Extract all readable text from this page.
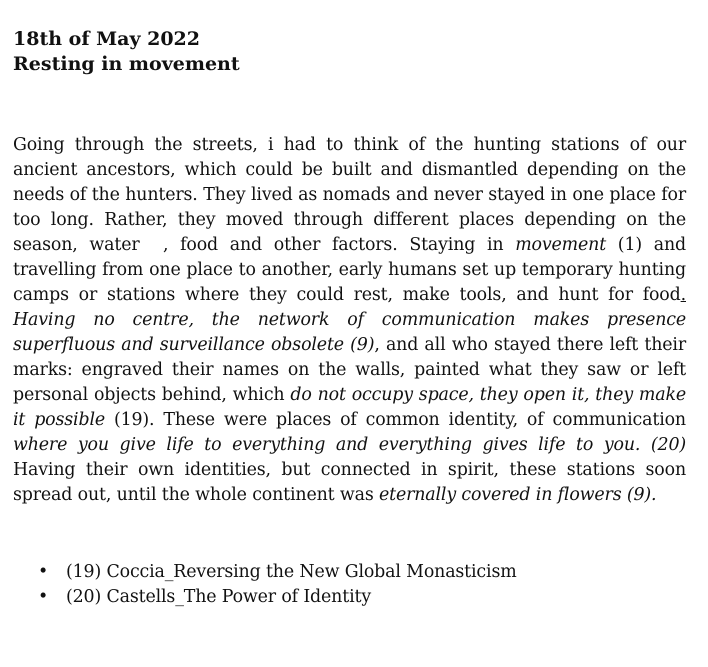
18th of May 2022

Resting in movement

Going through the streets, i had to think of the hunting stations of our ancient ancestors, which could be built and dismantled depending on the needs of the hunters. They lived as nomads and never stayed in one place for too long. Rather, they moved through different places depending on the season, water  , food and other factors. Staying in movement (1) and travelling from one place to another, early humans set up temporary hunting camps or stations where they could rest, make tools, and hunt for food. Having no centre, the network of communication makes presence superfluous and surveillance obsolete (9), and all who stayed there left their marks: engraved their names on the walls, painted what they saw or left personal objects behind, which do not occupy space, they open it, they make it possible (19). These were places of common identity, of communication where you give life to everything and everything gives life to you. (20) Having their own identities, but connected in spirit, these stations soon spread out, until the whole continent was eternally covered in flowers (9).

• (19) Coccia_Reversing the New Global Monasticism
• (20) Castells_The Power of Identity
